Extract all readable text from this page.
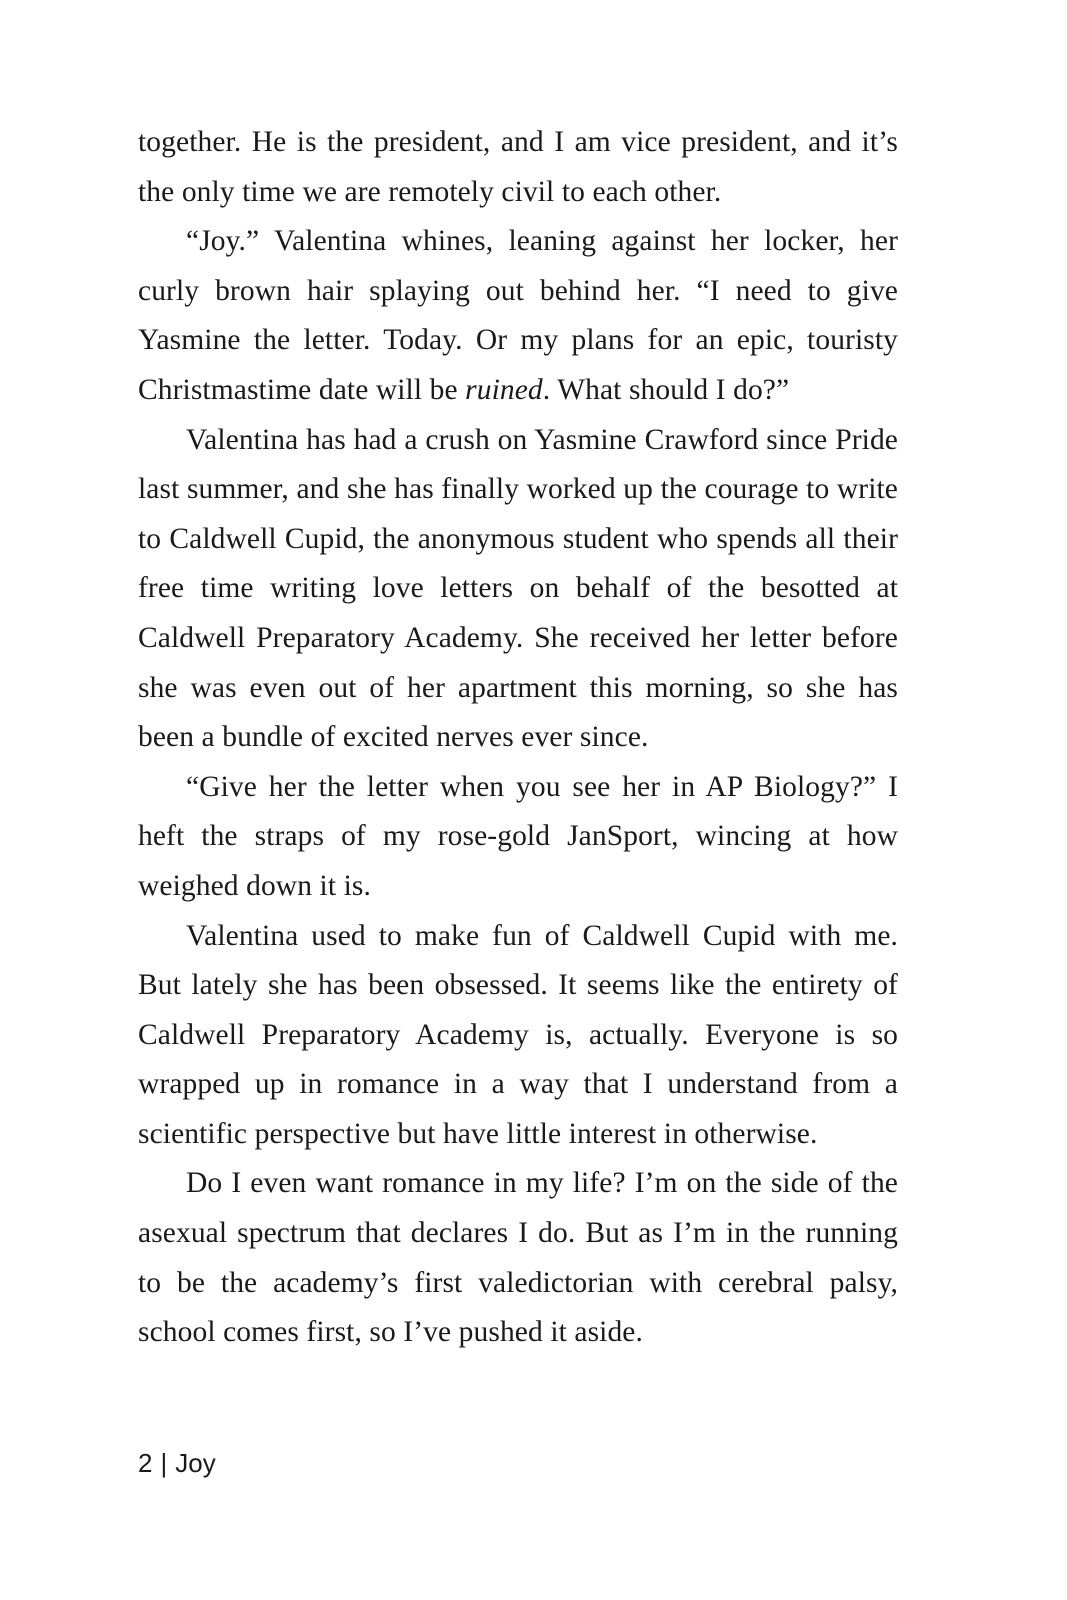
together. He is the president, and I am vice president, and it’s the only time we are remotely civil to each other.

“Joy.” Valentina whines, leaning against her locker, her curly brown hair splaying out behind her. “I need to give Yasmine the letter. Today. Or my plans for an epic, touristy Christmastime date will be ruined. What should I do?”

Valentina has had a crush on Yasmine Crawford since Pride last summer, and she has finally worked up the courage to write to Caldwell Cupid, the anonymous student who spends all their free time writing love letters on behalf of the besotted at Caldwell Preparatory Academy. She received her letter before she was even out of her apartment this morning, so she has been a bundle of excited nerves ever since.

“Give her the letter when you see her in AP Biology?” I heft the straps of my rose-gold JanSport, wincing at how weighed down it is.

Valentina used to make fun of Caldwell Cupid with me. But lately she has been obsessed. It seems like the entirety of Caldwell Preparatory Academy is, actually. Everyone is so wrapped up in romance in a way that I understand from a scientific perspective but have little interest in otherwise.

Do I even want romance in my life? I’m on the side of the asexual spectrum that declares I do. But as I’m in the running to be the academy’s first valedictorian with cerebral palsy, school comes first, so I’ve pushed it aside.

2 | Joy
